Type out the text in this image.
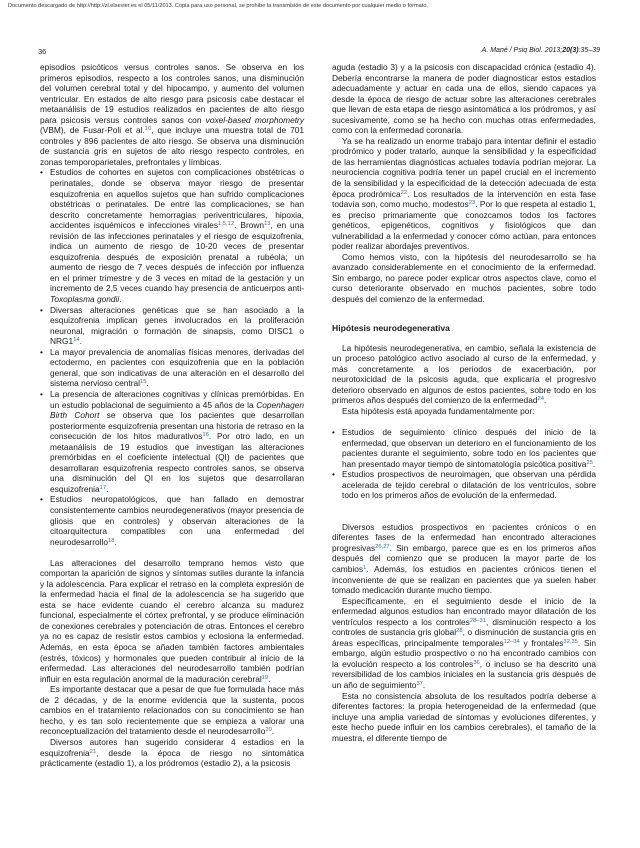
Documento descargado de http://http://zl.elsevier.es el 05/11/2013. Copia para uso personal, se prohíbe la transmisión de este documento por cualquier medio o formato.
36	A. Mané / Psiq Biol. 2013;20(3):35–39

episodios psicóticos versus controles sanos. Se observa en los primeros episodios, respecto a los controles sanos, una disminución del volumen cerebral total y del hipocampo, y aumento del volumen ventricular. En estados de alto riesgo para psicosis cabe destacar el metaanálisis de 19 estudios realizados en pacientes de alto riesgo para psicosis versus controles sanos con voxel-based morphometry (VBM), de Fusar-Poli et al.$^{10}$, que incluye una muestra total de 701 controles y 896 pacientes de alto riesgo. Se observa una disminución de sustancia gris en sujetos de alto riesgo respecto controles, en zonas temporoparietales, prefrontales y límbicas.

• Estudios de cohortes en sujetos con complicaciones obstétricas o perinatales, donde se observa mayor riesgo de presentar esquizofrenia en aquellos sujetos que han sufrido complicaciones obstétricas o perinatales. De entre las complicaciones, se han descrito concretamente hemorragias periventriculares, hipoxia, accidentes isquémicos e infecciones virales$^{1,5,12}$. Brown$^{13}$, en una revisión de las infecciones perinatales y el riesgo de esquizofrenia, indica un aumento de riesgo de 10-20 veces de presentar esquizofrenia después de exposición prenatal a rubéola; un aumento de riesgo de 7 veces después de infección por influenza en el primer trimestre y de 3 veces en mitad de la gestación y un incremento de 2,5 veces cuando hay presencia de anticuerpos anti-Toxoplasma gondii.
• Diversas alteraciones genéticas que se han asociado a la esquizofrenia implican genes involucrados en la proliferación neuronal, migración o formación de sinapsis, como DISC1 o $NRG1^{14}$.
• La mayor prevalencia de anomalías físicas menores, derivadas del ectodermo, en pacientes con esquizofrenia que en la población general, que son indicativas de una alteración en el desarrollo del sistema nervioso central$^{15}$.
• La presencia de alteraciones cognitivas y clínicas premórbidas. En un estudio poblacional de seguimiento a 45 años de la Copenhagen Birth Cohort se observa que los pacientes que desarrollan posteriormente esquizofrenia presentan una historia de retraso en la consecución de los hitos madurativos$^{16}$. Por otro lado, en un metaanálisis de 19 estudios que investigan las alteraciones premórbidas en el coeficiente intelectual (QI) de pacientes que desarrollaran esquizofrenia respecto controles sanos, se observa una disminución del QI en los sujetos que desarrollaran esquizofrenia$^{17}$.
• Estudios neuropatológicos, que han fallado en demostrar consistentemente cambios neurodegenerativos (mayor presencia de gliosis que en controles) y observan alteraciones de la citoarquitectura compatibles con una enfermedad del neurodesarrollo$^{18}$.

Las alteraciones del desarrollo temprano hemos visto que comportan la aparición de signos y síntomas sutiles durante la infancia y la adolescencia. Para explicar el retraso en la completa expresión de la enfermedad hacia el final de la adolescencia se ha sugerido que esta se hace evidente cuando el cerebro alcanza su madurez funcional, especialmente el córtex prefrontal, y se produce eliminación de conexiones cerebrales y potenciación de otras. Entonces el cerebro ya no es capaz de resistir estos cambios y eclosiona la enfermedad. Además, en esta época se añaden también factores ambientales (estrés, tóxicos) y hormonales que pueden contribuir al inicio de la enfermedad. Las alteraciones del neurodesarrollo también podrían influir en esta regulación anormal de la maduración cerebral$^{19}$.

Es importante destacar que a pesar de que fue formulada hace más de 2 décadas, y de la enorme evidencia que la sustenta, pocos cambios en el tratamiento relacionados con su conocimiento se han hecho, y es tan solo recientemente que se empieza a valorar una reconceptualización del tratamiento desde el neurodesarrollo$^{20}$.

Diversos autores han sugerido considerar 4 estadios en la esquizofrenia$^{21}$, desde la época de riesgo no sintomática prácticamente (estadio 1), a los pródromos (estadio 2), a la psicosis

aguda (estadio 3) y a la psicosis con discapacidad crónica (estadio 4). Debería encontrarse la manera de poder diagnosticar estos estadios adecuadamente y actuar en cada una de ellos, siendo capaces ya desde la época de riesgo de actuar sobre las alteraciones cerebrales que llevan de esta etapa de riesgo asintomática a los pródromos, y así sucesivamente, como se ha hecho con muchas otras enfermedades, como con la enfermedad coronaria.

Ya se ha realizado un enorme trabajo para intentar definir el estadio prodrómico y poder tratarlo, aunque la sensibilidad y la especificidad de las herramientas diagnósticas actuales todavía podrían mejorar. La neurociencia cognitiva podría tener un papel crucial en el incremento de la sensibilidad y la especificidad de la detección adecuada de esta época prodrómica$^{22}$. Los resultados de la intervención en esta fase todavía son, como mucho, modestos$^{23}$. Por lo que respeta al estadio 1, es preciso primariamente que conozcamos todos los factores genéticos, epigenéticos, cognitivos y fisiológicos que dan vulnerabilidad a la enfermedad y conocer cómo actúan, para entonces poder realizar abordajes preventivos.

Como hemos visto, con la hipótesis del neurodesarrollo se ha avanzado considerablemente en el conocimiento de la enfermedad. Sin embargo, no parece poder explicar otros aspectos clave, como el curso deteriorante observado en muchos pacientes, sobre todo después del comienzo de la enfermedad.

Hipótesis neurodegenerativa

La hipótesis neurodegenerativa, en cambio, señala la existencia de un proceso patológico activo asociado al curso de la enfermedad, y más concretamente a los periodos de exacerbación, por neurotoxicidad de la psicosis aguda, que explicaría el progresivo deterioro observado en algunos de estos pacientes, sobre todo en los primeros años después del comienzo de la enfermedad$^{24}$.

Esta hipótesis está apoyada fundamentalmente por:

• Estudios de seguimiento clínico después del inicio de la enfermedad, que observan un deterioro en el funcionamiento de los pacientes durante el seguimiento, sobre todo en los pacientes que han presentado mayor tiempo de sintomatología psicótica positiva$^{25}$.
• Estudios prospectivos de neuroimagen, que observan una pérdida acelerada de tejido cerebral o dilatación de los ventrículos, sobre todo en los primeros años de evolución de la enfermedad.

Diversos estudios prospectivos en pacientes crónicos o en diferentes fases de la enfermedad han encontrado alteraciones progresivas$^{26,27}$. Sin embargo, parece que es en los primeros años después del comienzo que se producen la mayor parte de los cambios$^1$. Además, los estudios en pacientes crónicos tienen el inconveniente de que se realizan en pacientes que ya suelen haber tomado medicación durante mucho tiempo.

Específicamente, en el seguimiento desde el inicio de la enfermedad algunos estudios han encontrado mayor dilatación de los ventrículos respecto a los controles$^{28-31}$, disminución respecto a los controles de sustancia gris global$^{28}$, o disminución de sustancia gris en áreas específicas, principalmente temporales$^{12-34}$ y frontales$^{32,35}$. Sin embargo, algún estudio prospectivo o no ha encontrado cambios con la evolución respecto a los controles$^{36}$, o incluso se ha descrito una reversibilidad de los cambios iniciales en la sustancia gris después de un año de seguimiento$^{37}$.

Esta no consistencia absoluta de los resultados podría deberse a diferentes factores: la propia heterogeneidad de la enfermedad (que incluye una amplia variedad de síntomas y evoluciones diferentes, y este hecho puede influir en los cambios cerebrales), el tamaño de la muestra, el diferente tiempo de
